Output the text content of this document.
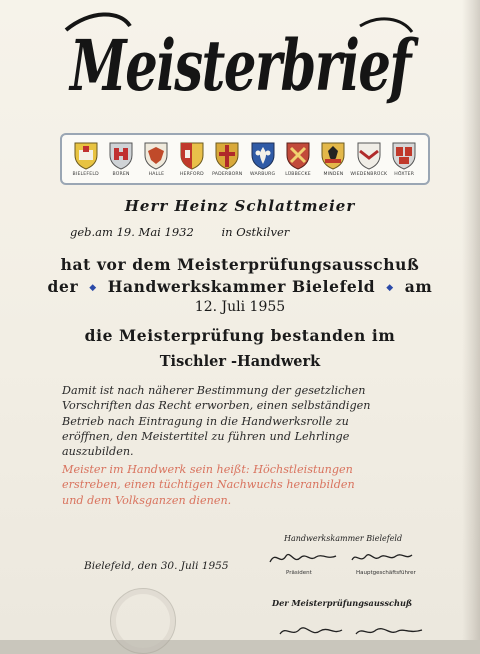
Meisterbrief
BIELEFELD	BÜREN	HALLE	HERFORD PADERBORN WARBURG LÜBBECKE	MINDEN WIEDENBRÜCK HÖXTER
Herr Heinz Schlattmeier
geb.am 19. Mai 1932 in Ostkilver
hat vor dem Meisterprüfungsausschuß
der ◆ Handwerkskammer Bielefeld ◆ am
12. Juli 1955
die Meisterprüfung bestanden im
Tischler -Handwerk
Damit ist nach näherer Bestimmung der gesetzlichen
Vorschriften das Recht erworben, einen selbständigen
Betrieb nach Eintragung in die Handwerksrolle zu
eröffnen, den Meistertitel zu führen und Lehrlinge
auszubilden.
Meister im Handwerk sein heißt: Höchstleistungen
erstreben, einen tüchtigen Nachwuchs heranbilden
und dem Volksganzen dienen.
Handwerkskammer Bielefeld
Präsident	Hauptgeschäftsführer
Bielefeld, den 30. Juli 1955
Der Meisterprüfungsausschuß
